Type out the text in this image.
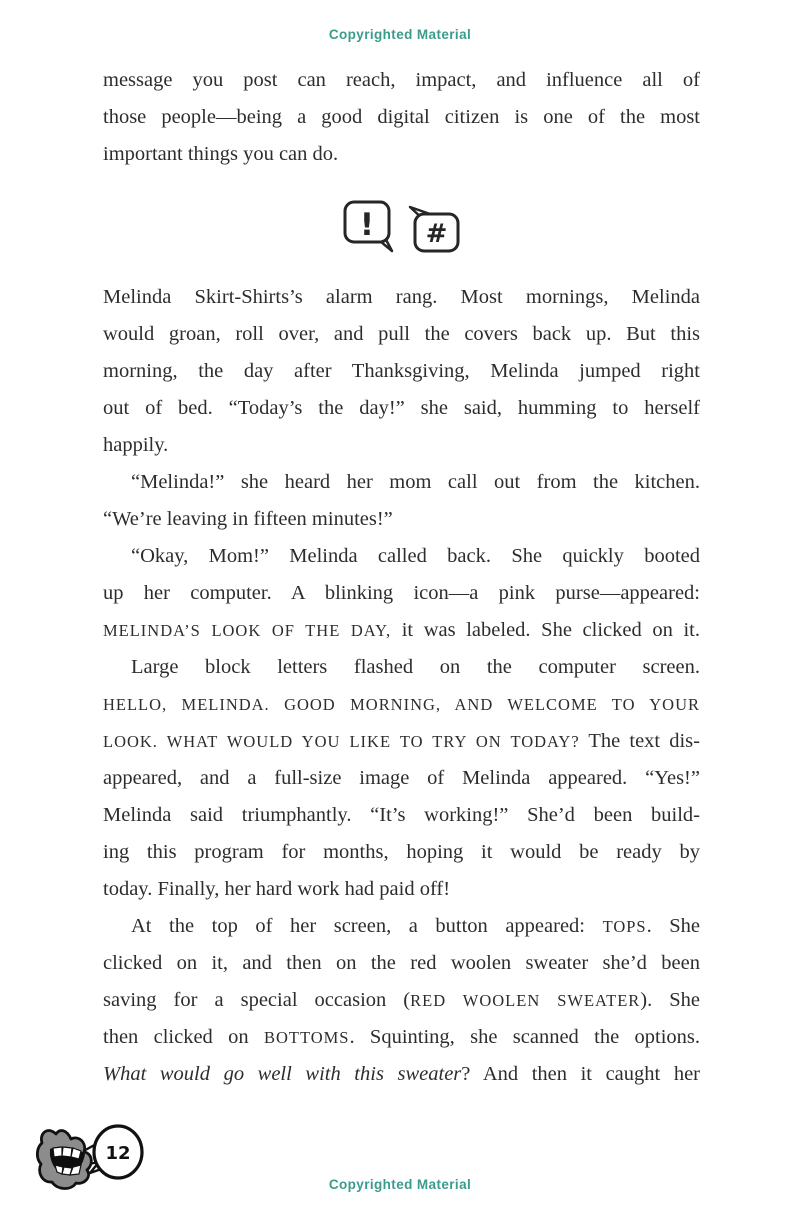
Copyrighted Material
message you post can reach, impact, and influence all of
those people—being a good digital citizen is one of the most
important things you can do.
! #
Melinda Skirt-Shirts’s alarm rang. Most mornings, Melinda
would groan, roll over, and pull the covers back up. But this
morning, the day after Thanksgiving, Melinda jumped right
out of bed. “Today’s the day!” she said, humming to herself
happily.
“Melinda!” she heard her mom call out from the kitchen.
“We’re leaving in fifteen minutes!”
“Okay, Mom!” Melinda called back. She quickly booted
up her computer. A blinking icon—a pink purse—appeared:
MELINDA’S LOOK OF THE DAY, it was labeled. She clicked on it.
Large block letters flashed on the computer screen.
HELLO, MELINDA. GOOD MORNING, AND WELCOME TO YOUR
LOOK. WHAT WOULD YOU LIKE TO TRY ON TODAY? The text dis-
appeared, and a full-size image of Melinda appeared. “Yes!”
Melinda said triumphantly. “It’s working!” She’d been build-
ing this program for months, hoping it would be ready by
today. Finally, her hard work had paid off!
At the top of her screen, a button appeared: TOPS. She
clicked on it, and then on the red woolen sweater she’d been
saving for a special occasion (RED WOOLEN SWEATER). She
then clicked on BOTTOMS. Squinting, she scanned the options.
What would go well with this sweater? And then it caught her
12
Copyrighted Material
